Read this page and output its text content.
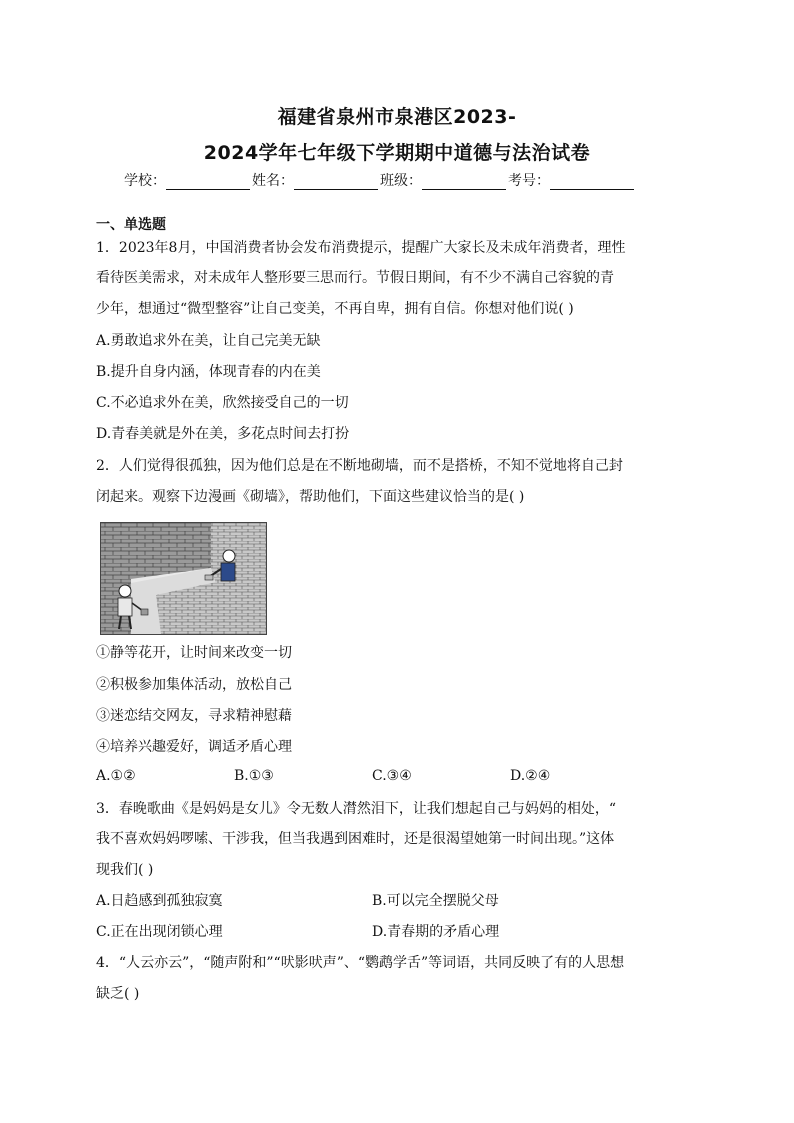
福建省泉州市泉港区2023-
2024学年七年级下学期期中道德与法治试卷
学校：	姓名：	班级：	考号：
一、单选题
1．2023年8月，中国消费者协会发布消费提示，提醒广大家长及未成年消费者，理性
看待医美需求，对未成年人整形要三思而行。节假日期间，有不少不满自己容貌的青
少年，想通过“微型整容”让自己变美，不再自卑，拥有自信。你想对他们说( )
A.勇敢追求外在美，让自己完美无缺
B.提升自身内涵，体现青春的内在美
C.不必追求外在美，欣然接受自己的一切
D.青春美就是外在美，多花点时间去打扮
2．人们觉得很孤独，因为他们总是在不断地砌墙，而不是搭桥，不知不觉地将自己封
闭起来。观察下边漫画《砌墙》，帮助他们，下面这些建议恰当的是( )
①静等花开，让时间来改变一切
②积极参加集体活动，放松自己
③迷恋结交网友，寻求精神慰藉
④培养兴趣爱好，调适矛盾心理
A.①②	B.①③	C.③④	D.②④
3．春晚歌曲《是妈妈是女儿》令无数人潸然泪下，让我们想起自己与妈妈的相处，“
我不喜欢妈妈啰嗦、干涉我，但当我遇到困难时，还是很渴望她第一时间出现。”这体
现我们( )
A.日趋感到孤独寂寞	B.可以完全摆脱父母
C.正在出现闭锁心理	D.青春期的矛盾心理
4．“人云亦云”，“随声附和”“吠影吠声”、“鹦鹉学舌”等词语，共同反映了有的人思想
缺乏( )
